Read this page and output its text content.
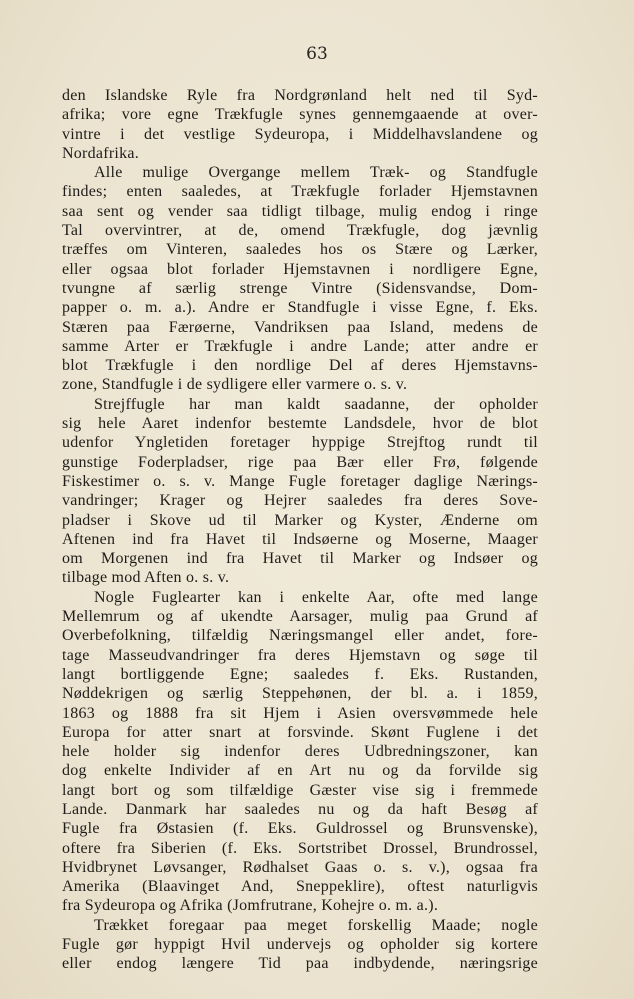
63
den Islandske Ryle fra Nordgrønland helt ned til Syd-
afrika; vore egne Trækfugle synes gennemgaaende at over-
vintre i det vestlige Sydeuropa, i Middelhavslandene og
Nordafrika.
Alle mulige Overgange mellem Træk- og Standfugle
findes; enten saaledes, at Trækfugle forlader Hjemstavnen
saa sent og vender saa tidligt tilbage, mulig endog i ringe
Tal overvintrer, at de, omend Trækfugle, dog jævnlig
træffes om Vinteren, saaledes hos os Stære og Lærker,
eller ogsaa blot forlader Hjemstavnen i nordligere Egne,
tvungne af særlig strenge Vintre (Sidensvandse, Dom-
papper o. m. a.). Andre er Standfugle i visse Egne, f. Eks.
Stæren paa Færøerne, Vandriksen paa Island, medens de
samme Arter er Trækfugle i andre Lande; atter andre er
blot Trækfugle i den nordlige Del af deres Hjemstavns-
zone, Standfugle i de sydligere eller varmere o. s. v.
Strejffugle har man kaldt saadanne, der opholder
sig hele Aaret indenfor bestemte Landsdele, hvor de blot
udenfor Yngletiden foretager hyppige Strejftog rundt til
gunstige Foderpladser, rige paa Bær eller Frø, følgende
Fiskestimer o. s. v. Mange Fugle foretager daglige Nærings-
vandringer; Krager og Hejrer saaledes fra deres Sove-
pladser i Skove ud til Marker og Kyster, Ænderne om
Aftenen ind fra Havet til Indsøerne og Moserne, Maager
om Morgenen ind fra Havet til Marker og Indsøer og
tilbage mod Aften o. s. v.
Nogle Fuglearter kan i enkelte Aar, ofte med lange
Mellemrum og af ukendte Aarsager, mulig paa Grund af
Overbefolkning, tilfældig Næringsmangel eller andet, fore-
tage Masseudvandringer fra deres Hjemstavn og søge til
langt bortliggende Egne; saaledes f. Eks. Rustanden,
Nøddekrigen og særlig Steppehønen, der bl. a. i 1859,
1863 og 1888 fra sit Hjem i Asien oversvømmede hele
Europa for atter snart at forsvinde. Skønt Fuglene i det
hele holder sig indenfor deres Udbredningszoner, kan
dog enkelte Individer af en Art nu og da forvilde sig
langt bort og som tilfældige Gæster vise sig i fremmede
Lande. Danmark har saaledes nu og da haft Besøg af
Fugle fra Østasien (f. Eks. Guldrossel og Brunsvenske),
oftere fra Siberien (f. Eks. Sortstribet Drossel, Brundrossel,
Hvidbrynet Løvsanger, Rødhalset Gaas o. s. v.), ogsaa fra
Amerika (Blaavinget And, Sneppeklire), oftest naturligvis
fra Sydeuropa og Afrika (Jomfrutrane, Kohejre o. m. a.).
Trækket foregaar paa meget forskellig Maade; nogle
Fugle gør hyppigt Hvil undervejs og opholder sig kortere
eller endog længere Tid paa indbydende, næringsrige
